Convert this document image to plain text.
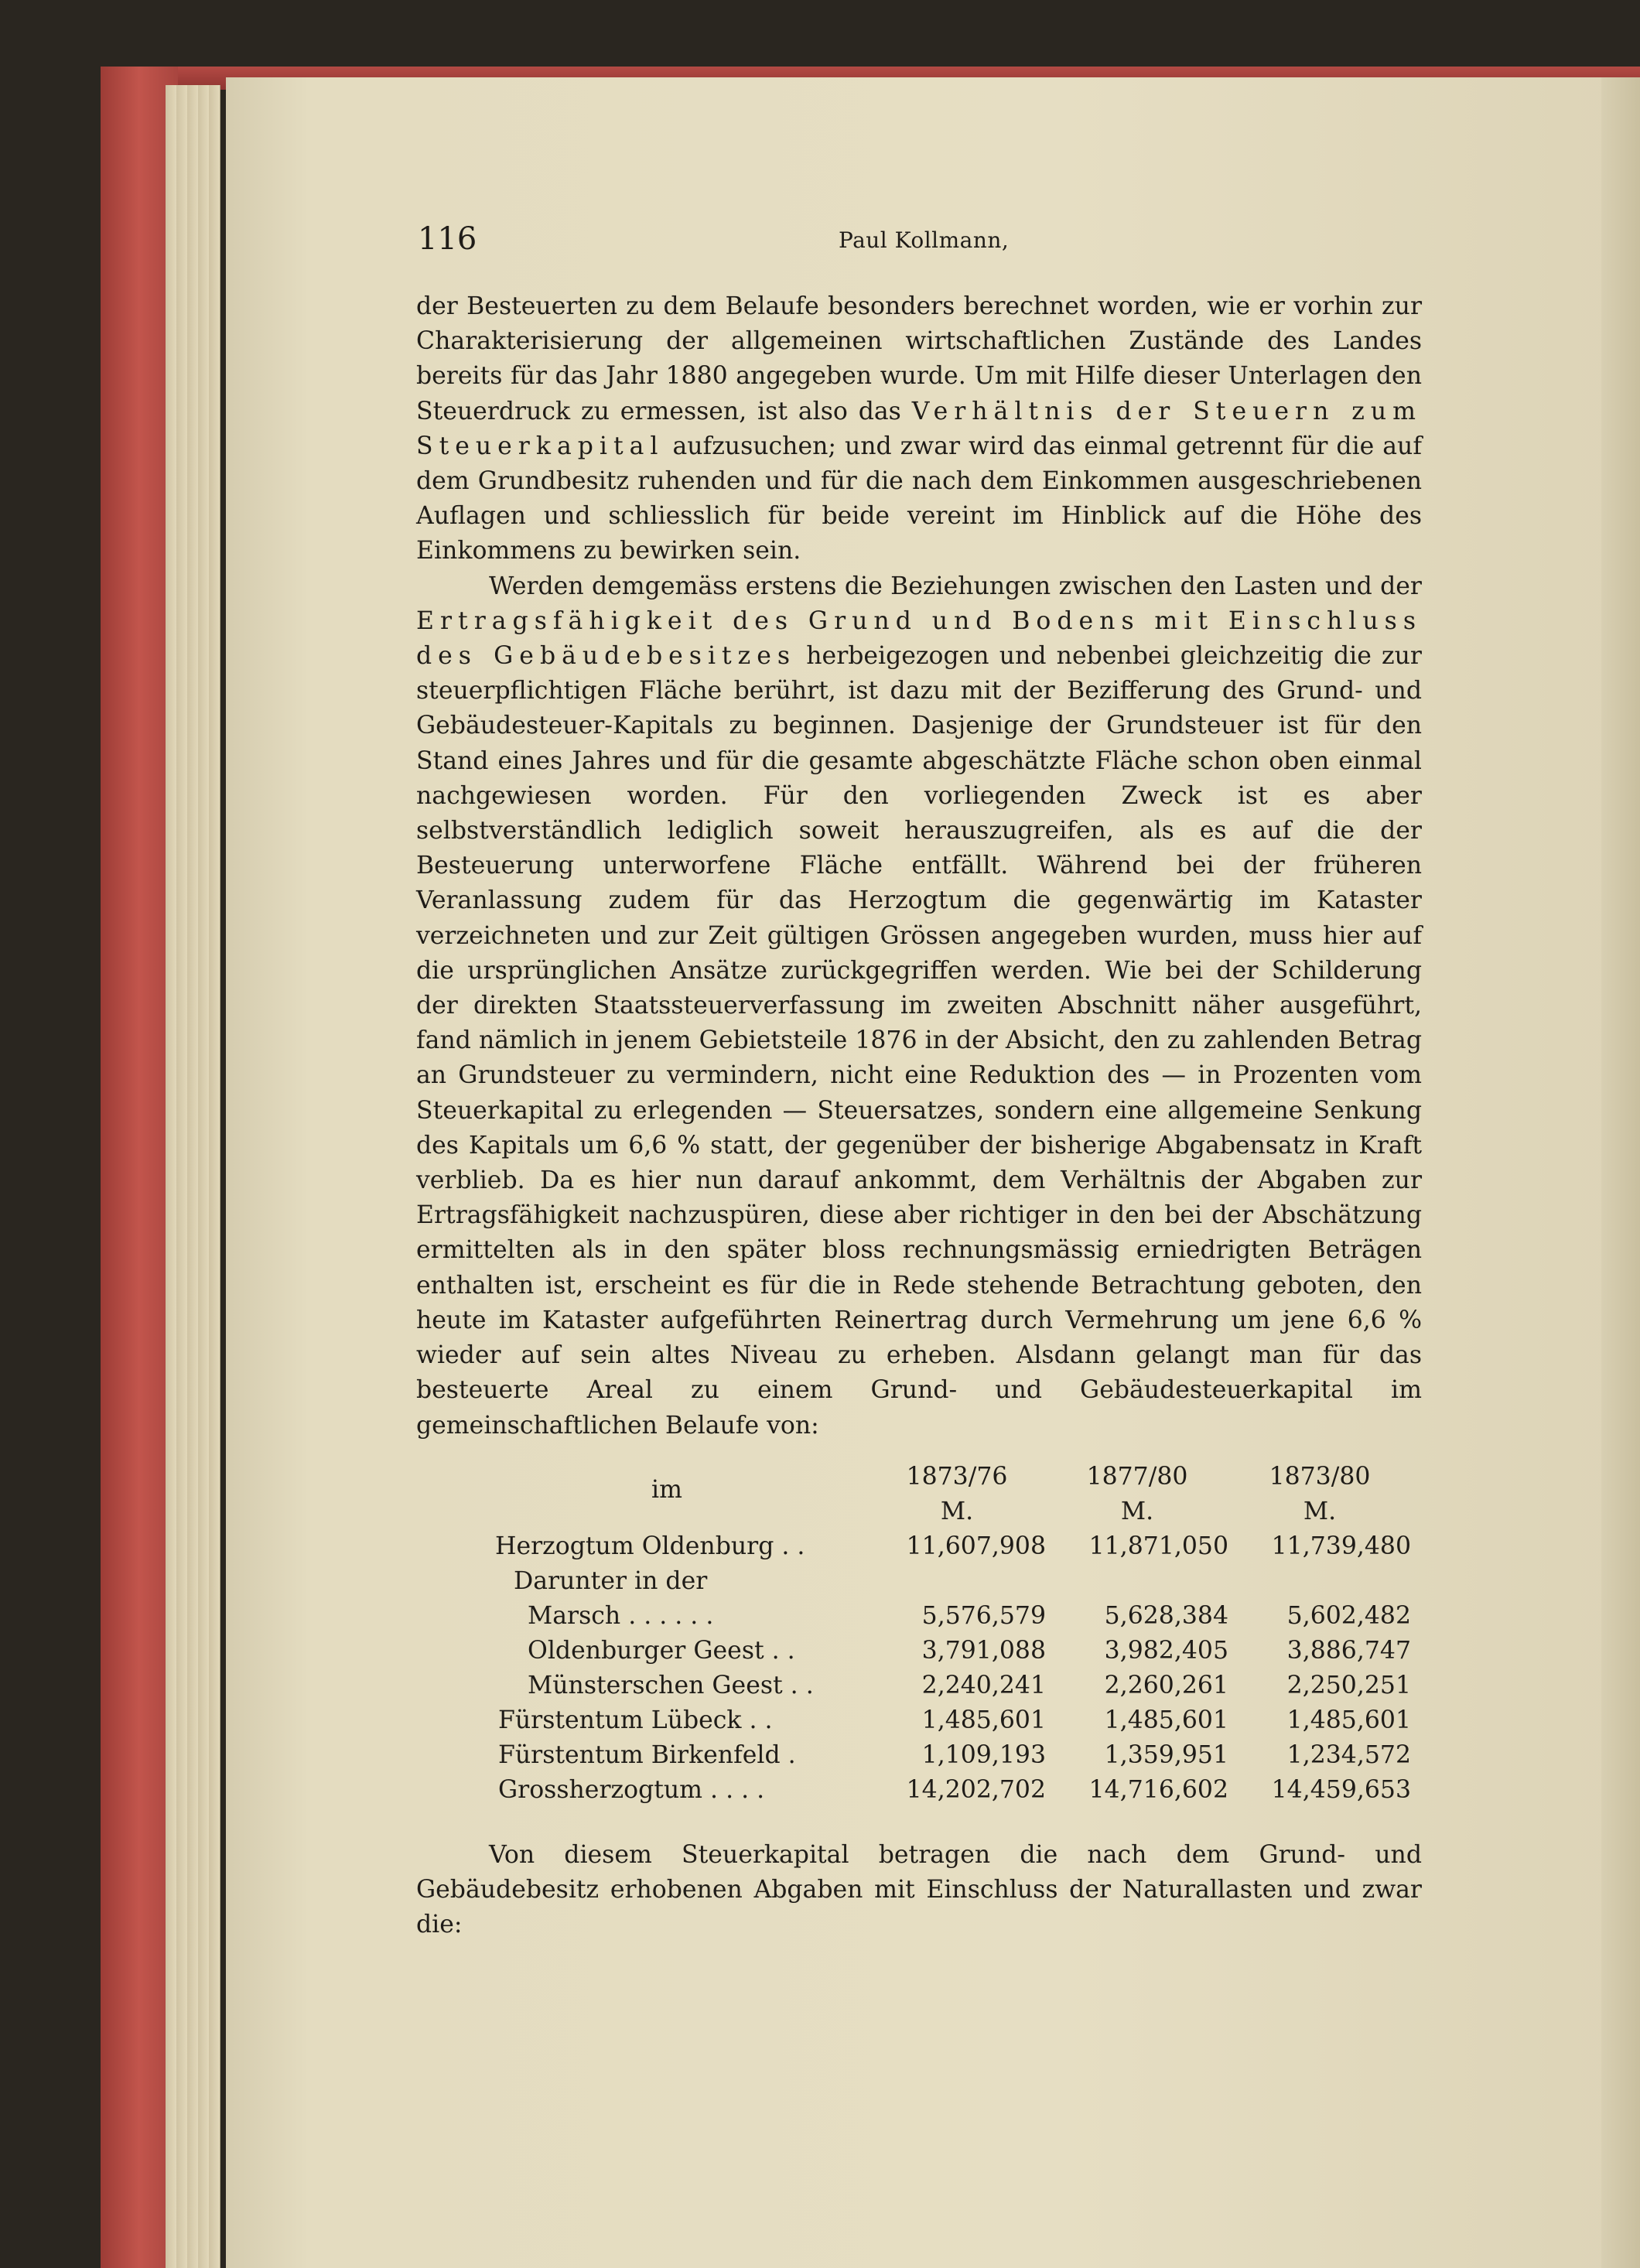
116	Paul Kollmann,

der Besteuerten zu dem Belaufe besonders berechnet worden, wie er vorhin zur Charakterisierung der allgemeinen wirtschaftlichen Zustände des Landes bereits für das Jahr 1880 angegeben wurde. Um mit Hilfe dieser Unterlagen den Steuerdruck zu ermessen, ist also das Verhältnis der Steuern zum Steuerkapital aufzusuchen; und zwar wird das einmal getrennt für die auf dem Grundbesitz ruhenden und für die nach dem Einkommen ausgeschriebenen Auflagen und schliesslich für beide vereint im Hinblick auf die Höhe des Einkommens zu bewirken sein.

Werden demgemäss erstens die Beziehungen zwischen den Lasten und der Ertragsfähigkeit des Grund und Bodens mit Einschluss des Gebäudebesitzes herbeigezogen und nebenbei gleichzeitig die zur steuerpflichtigen Fläche berührt, ist dazu mit der Bezifferung des Grund- und Gebäudesteuer-Kapitals zu beginnen. Dasjenige der Grundsteuer ist für den Stand eines Jahres und für die gesamte abgeschätzte Fläche schon oben einmal nachgewiesen worden. Für den vorliegenden Zweck ist es aber selbstverständlich lediglich soweit herauszugreifen, als es auf die der Besteuerung unterworfene Fläche entfällt. Während bei der früheren Veranlassung zudem für das Herzogtum die gegenwärtig im Kataster verzeichneten und zur Zeit gültigen Grössen angegeben wurden, muss hier auf die ursprünglichen Ansätze zurückgegriffen werden. Wie bei der Schilderung der direkten Staatssteuerverfassung im zweiten Abschnitt näher ausgeführt, fand nämlich in jenem Gebietsteile 1876 in der Absicht, den zu zahlenden Betrag an Grundsteuer zu vermindern, nicht eine Reduktion des — in Prozenten vom Steuerkapital zu erlegenden — Steuersatzes, sondern eine allgemeine Senkung des Kapitals um 6,6 % statt, der gegenüber der bisherige Abgabensatz in Kraft verblieb. Da es hier nun darauf ankommt, dem Verhältnis der Abgaben zur Ertragsfähigkeit nachzuspüren, diese aber richtiger in den bei der Abschätzung ermittelten als in den später bloss rechnungsmässig erniedrigten Beträgen enthalten ist, erscheint es für die in Rede stehende Betrachtung geboten, den heute im Kataster aufgeführten Reinertrag durch Vermehrung um jene 6,6 % wieder auf sein altes Niveau zu erheben. Alsdann gelangt man für das besteuerte Areal zu einem Grund- und Gebäudesteuerkapital im gemeinschaftlichen Belaufe von:

im
		1873/76	1877/80	1873/80
	M.	M.	M.
Herzogtum Oldenburg . .	11,607,908	11,871,050	11,739,480
Darunter in der			
Marsch . . . . . .	5,576,579	5,628,384	5,602,482
Oldenburger Geest . .	3,791,088	3,982,405	3,886,747
Münsterschen Geest . .	2,240,241	2,260,261	2,250,251
Fürstentum Lübeck . .	1,485,601	1,485,601	1,485,601
Fürstentum Birkenfeld .	1,109,193	1,359,951	1,234,572
Grossherzogtum . . . .	14,202,702	14,716,602	14,459,653

Von diesem Steuerkapital betragen die nach dem Grund- und Gebäudebesitz erhobenen Abgaben mit Einschluss der Naturallasten und zwar die:
